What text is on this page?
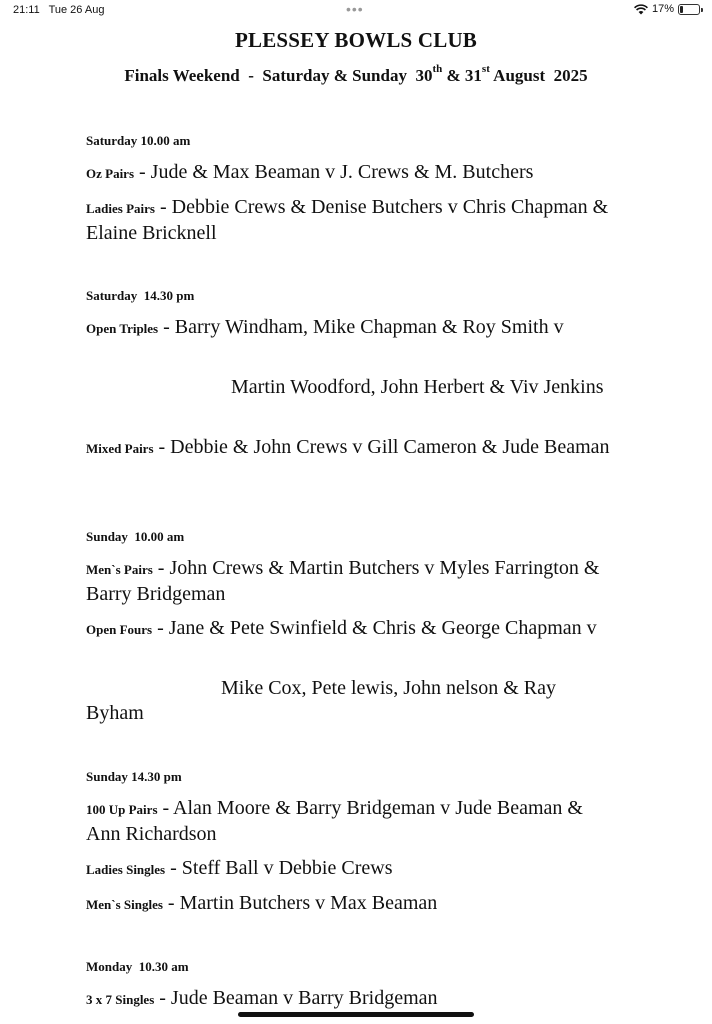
21:11 Tue 26 Aug	•••	17%
PLESSEY BOWLS CLUB
Finals Weekend  -  Saturday & Sunday  30th & 31st August  2025
Saturday 10.00 am
Oz Pairs - Jude & Max Beaman v J. Crews & M. Butchers
Ladies Pairs - Debbie Crews & Denise Butchers v Chris Chapman & Elaine Bricknell
Saturday  14.30 pm
Open Triples - Barry Windham, Mike Chapman & Roy Smith v
Martin Woodford, John Herbert & Viv Jenkins
Mixed Pairs - Debbie & John Crews v Gill Cameron & Jude Beaman
Sunday  10.00 am
Men`s Pairs - John Crews & Martin Butchers v Myles Farrington & Barry Bridgeman
Open Fours - Jane & Pete Swinfield & Chris & George Chapman v
Mike Cox, Pete lewis, John nelson & Ray Byham
Sunday 14.30 pm
100 Up Pairs - Alan Moore & Barry Bridgeman v Jude Beaman & Ann Richardson
Ladies Singles - Steff Ball v Debbie Crews
Men`s Singles - Martin Butchers v Max Beaman
Monday  10.30 am
3 x 7 Singles - Jude Beaman v Barry Bridgeman
